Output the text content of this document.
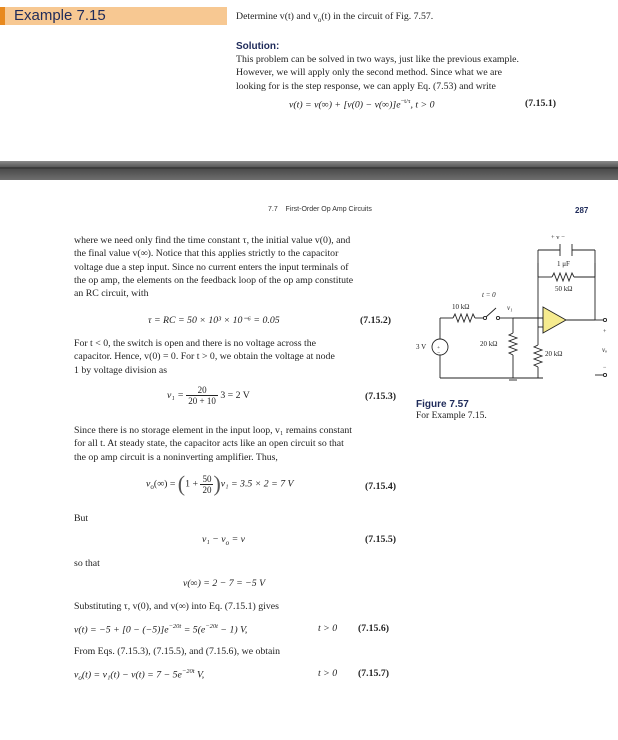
Example 7.15	Determine v(t) and $v_o(t)$ in the circuit of Fig. 7.57.
Solution:
This problem can be solved in two ways, just like the previous example.
However, we will apply only the second method. Since what we are
looking for is the step response, we can apply Eq. (7.53) and write
$v(t) = v(\infty) + [v(0) - v(\infty)]e^{-t/\tau}$, t > 0	(7.15.1)
7.7 First-Order Op Amp Circuits	287
where we need only find the time constant τ, the initial value v(0), and
the final value v(∞). Notice that this applies strictly to the capacitor
voltage due a step input. Since no current enters the input terminals of
the op amp, the elements on the feedback loop of the op amp constitute
an RC circuit, with
τ = RC = 50 × 10³ × 10⁻⁶ = 0.05	(7.15.2)
For t < 0, the switch is open and there is no voltage across the
capacitor. Hence, v(0) = 0. For t > 0, we obtain the voltage at node
1 by voltage division as
$v_1 = \frac{20}{20 + 10} 3 = 2$ V	(7.15.3)
Since there is no storage element in the input loop, v₁ remains constant
for all t. At steady state, the capacitor acts like an open circuit so that
the op amp circuit is a noninverting amplifier. Thus,
$v_o(\infty) = (1 + \frac{50}{20} )v_1 = 3.5 \times 2 = 7$ V	(7.15.4)
But
$v_1 - v_o = v$	(7.15.5)
so that
v(∞) = 2 − 7 = −5 V
Substituting τ, v(0), and v(∞) into Eq. (7.15.1) gives
$v(t) = -5 + [0 - (-5)]e^{-20t} = 5(e^{-20t} - 1)$ V,	t > 0 (7.15.6)
From Eqs. (7.15.3), (7.15.5), and (7.15.6), we obtain
$v_o(t) = v_1(t) - v(t) = 7 - 5e^{-20t}$ V,	t > 0 (7.15.7)
+
−
3 V
10 kΩ
t = 0
v₁
20 kΩ
20 kΩ
+ v −
1 μF
50 kΩ
+
vₒ
−
Figure 7.57
For Example 7.15.
